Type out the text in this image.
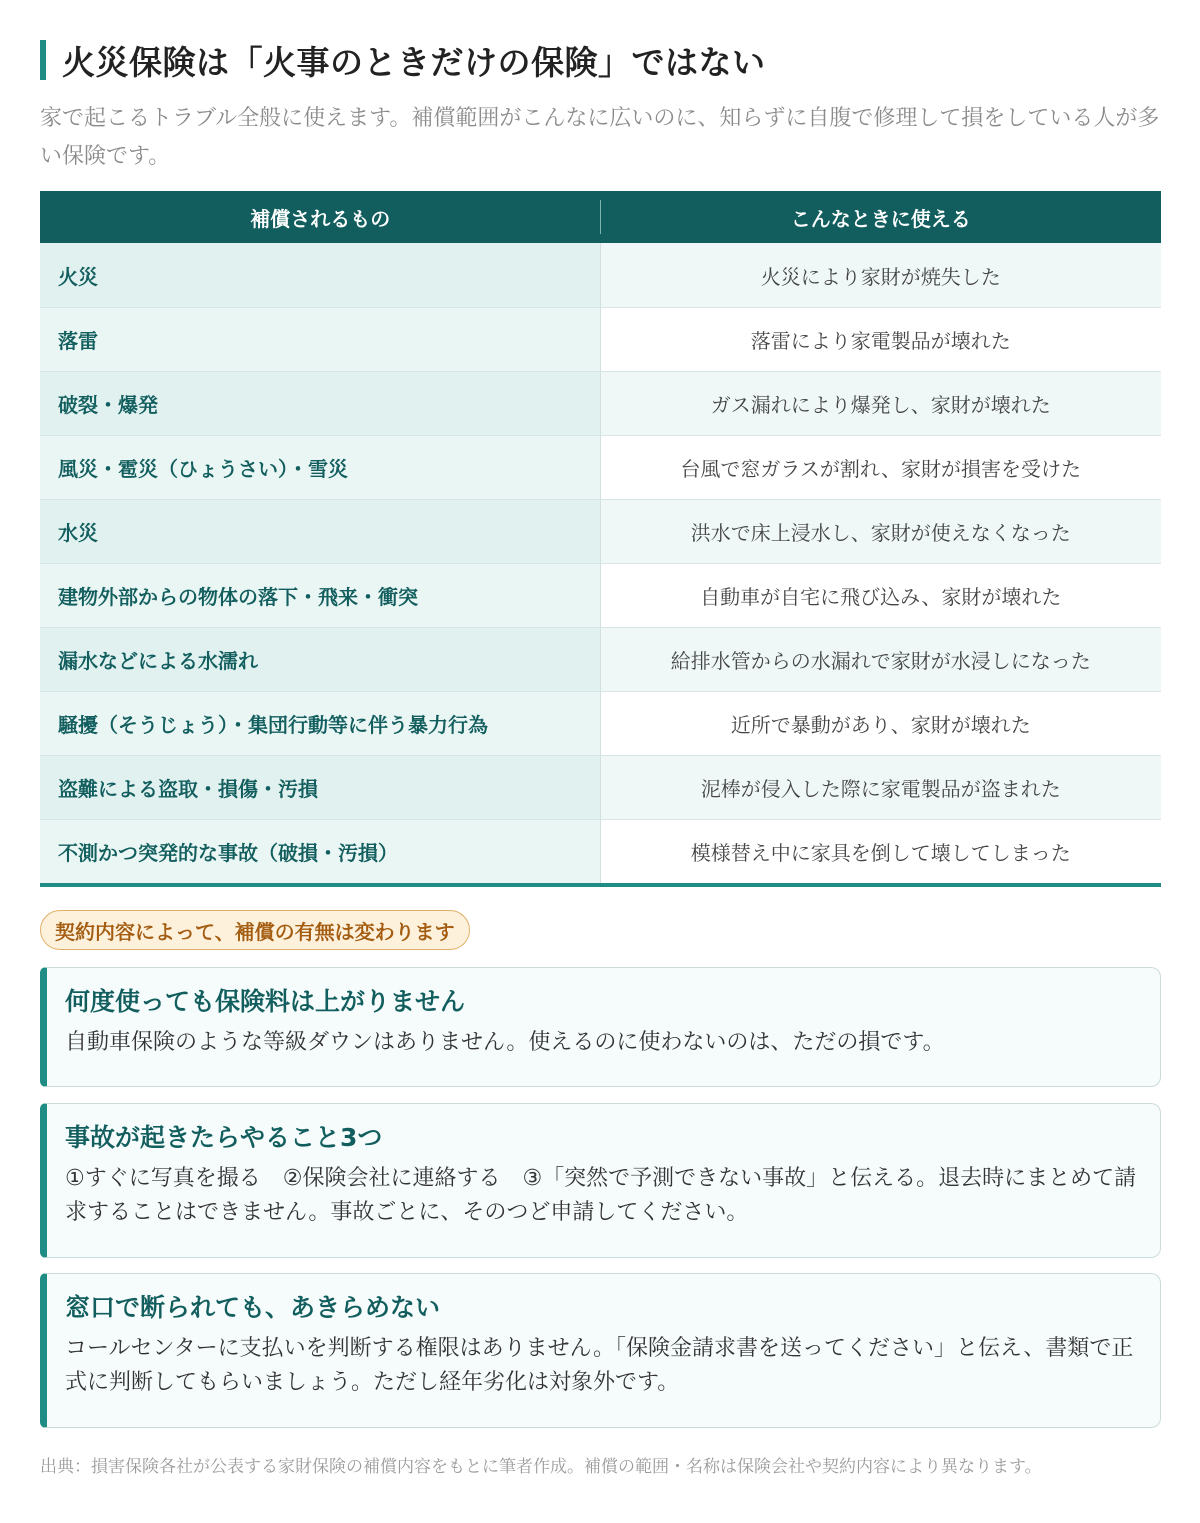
火災保険は「火事のときだけの保険」ではない

家で起こるトラブル全般に使えます。補償範囲がこんなに広いのに、知らずに自腹で修理して損をしている人が多い保険です。

補償されるもの	こんなときに使える
火災	火災により家財が焼失した
落雷	落雷により家電製品が壊れた
破裂・爆発	ガス漏れにより爆発し、家財が壊れた
風災・雹災（ひょうさい）・雪災	台風で窓ガラスが割れ、家財が損害を受けた
水災	洪水で床上浸水し、家財が使えなくなった
建物外部からの物体の落下・飛来・衝突	自動車が自宅に飛び込み、家財が壊れた
漏水などによる水濡れ	給排水管からの水漏れで家財が水浸しになった
騒擾（そうじょう）・集団行動等に伴う暴力行為	近所で暴動があり、家財が壊れた
盗難による盗取・損傷・汚損	泥棒が侵入した際に家電製品が盗まれた
不測かつ突発的な事故（破損・汚損）	模様替え中に家具を倒して壊してしまった
契約内容によって、補償の有無は変わります
何度使っても保険料は上がりません

自動車保険のような等級ダウンはありません。使えるのに使わないのは、ただの損です。

事故が起きたらやること3つ

①すぐに写真を撮る　②保険会社に連絡する　③「突然で予測できない事故」と伝える。退去時にまとめて請求することはできません。事故ごとに、そのつど申請してください。

窓口で断られても、あきらめない

コールセンターに支払いを判断する権限はありません。「保険金請求書を送ってください」と伝え、書類で正式に判断してもらいましょう。ただし経年劣化は対象外です。

出典：損害保険各社が公表する家財保険の補償内容をもとに筆者作成。補償の範囲・名称は保険会社や契約内容により異なります。
